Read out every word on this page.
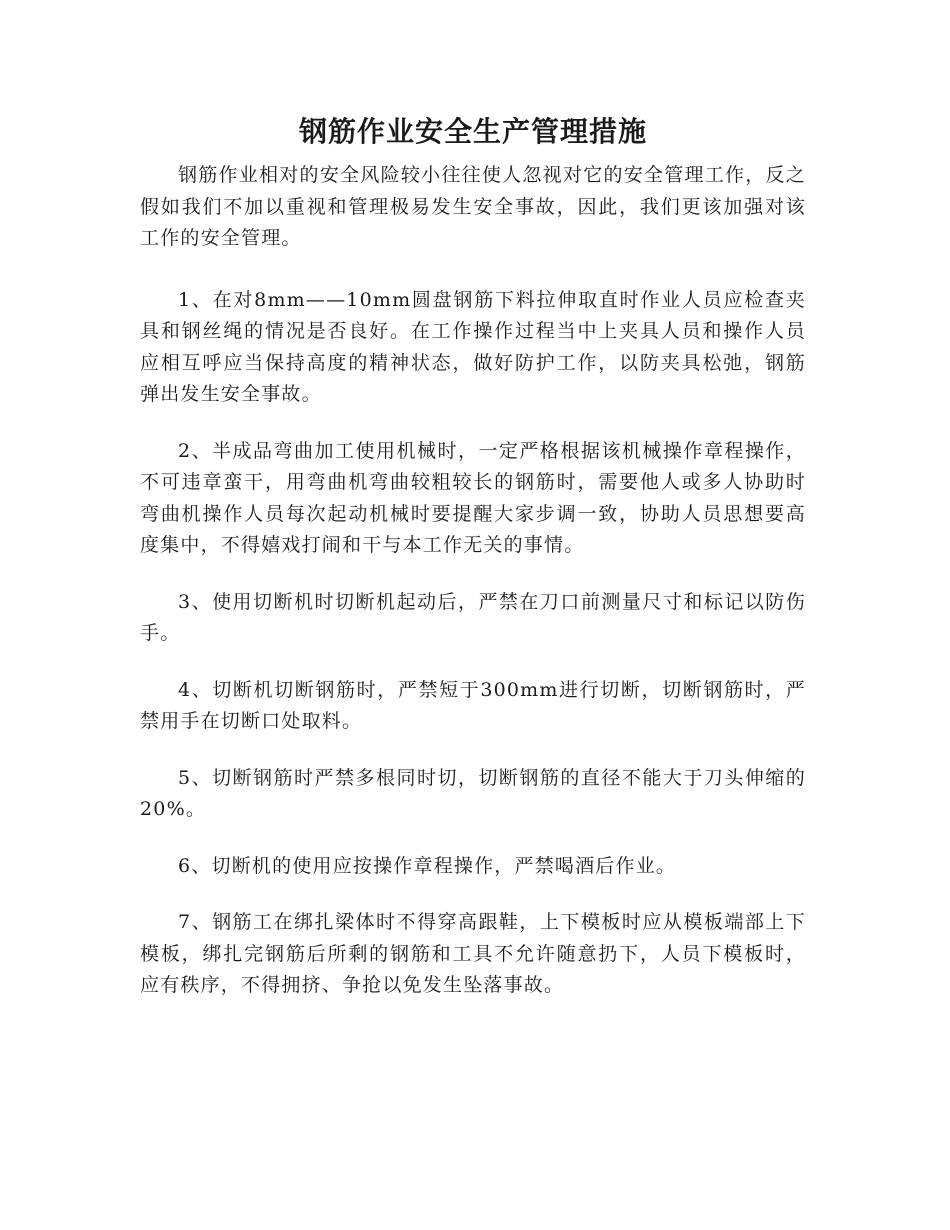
钢筋作业安全生产管理措施

钢筋作业相对的安全风险较小往往使人忽视对它的安全管理工作，反之假如我们不加以重视和管理极易发生安全事故，因此，我们更该加强对该工作的安全管理。

1、在对8mm——10mm圆盘钢筋下料拉伸取直时作业人员应检查夹具和钢丝绳的情况是否良好。在工作操作过程当中上夹具人员和操作人员应相互呼应当保持高度的精神状态，做好防护工作，以防夹具松弛，钢筋弹出发生安全事故。

2、半成品弯曲加工使用机械时，一定严格根据该机械操作章程操作，不可违章蛮干，用弯曲机弯曲较粗较长的钢筋时，需要他人或多人协助时弯曲机操作人员每次起动机械时要提醒大家步调一致，协助人员思想要高度集中，不得嬉戏打闹和干与本工作无关的事情。

3、使用切断机时切断机起动后，严禁在刀口前测量尺寸和标记以防伤手。

4、切断机切断钢筋时，严禁短于300mm进行切断，切断钢筋时，严禁用手在切断口处取料。

5、切断钢筋时严禁多根同时切，切断钢筋的直径不能大于刀头伸缩的20%。

6、切断机的使用应按操作章程操作，严禁喝酒后作业。

7、钢筋工在绑扎梁体时不得穿高跟鞋，上下模板时应从模板端部上下模板，绑扎完钢筋后所剩的钢筋和工具不允许随意扔下，人员下模板时，应有秩序，不得拥挤、争抢以免发生坠落事故。
